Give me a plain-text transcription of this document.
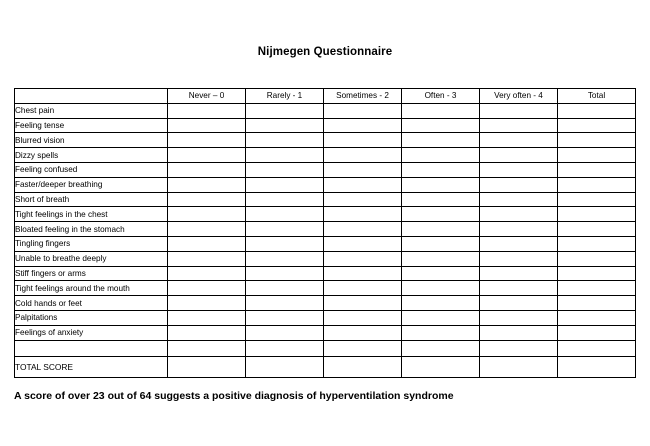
Nijmegen Questionnaire
	Never – 0	Rarely - 1	Sometimes - 2	Often - 3	Very often - 4	Total
Chest pain						
Feeling tense						
Blurred vision						
Dizzy spells						
Feeling confused						
Faster/deeper breathing						
Short of breath						
Tight feelings in the chest						
Bloated feeling in the stomach						
Tingling fingers						
Unable to breathe deeply						
Stiff fingers or arms						
Tight feelings around the mouth						
Cold hands or feet						
Palpitations						
Feelings of anxiety						

TOTAL SCORE						
A score of over 23 out of 64 suggests a positive diagnosis of hyperventilation syndrome
